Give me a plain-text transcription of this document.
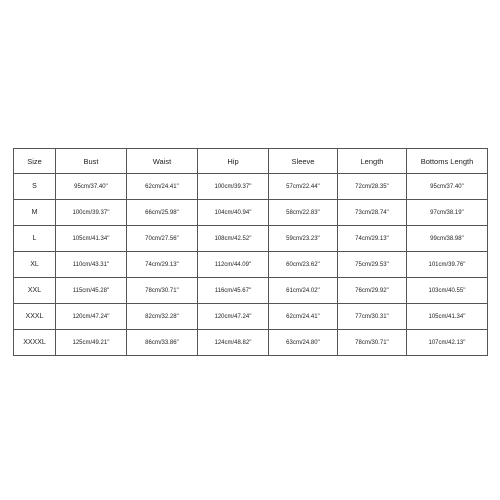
Size	Bust	Waist	Hip	Sleeve	Length	Bottoms Length
S	95cm/37.40''	62cm/24.41''	100cm/39.37''	57cm/22.44''	72cm/28.35''	95cm/37.40''
M	100cm/39.37''	66cm/25.98''	104cm/40.94''	58cm/22.83''	73cm/28.74''	97cm/38.19''
L	105cm/41.34''	70cm/27.56''	108cm/42.52''	59cm/23.23''	74cm/29.13''	99cm/38.98''
XL	110cm/43.31''	74cm/29.13''	112cm/44.09''	60cm/23.62''	75cm/29.53''	101cm/39.76''
XXL	115cm/45.28''	78cm/30.71''	116cm/45.67''	61cm/24.02''	76cm/29.92''	103cm/40.55''
XXXL	120cm/47.24''	82cm/32.28''	120cm/47.24''	62cm/24.41''	77cm/30.31''	105cm/41.34''
XXXXL	125cm/49.21''	86cm/33.86''	124cm/48.82''	63cm/24.80''	78cm/30.71''	107cm/42.13''
